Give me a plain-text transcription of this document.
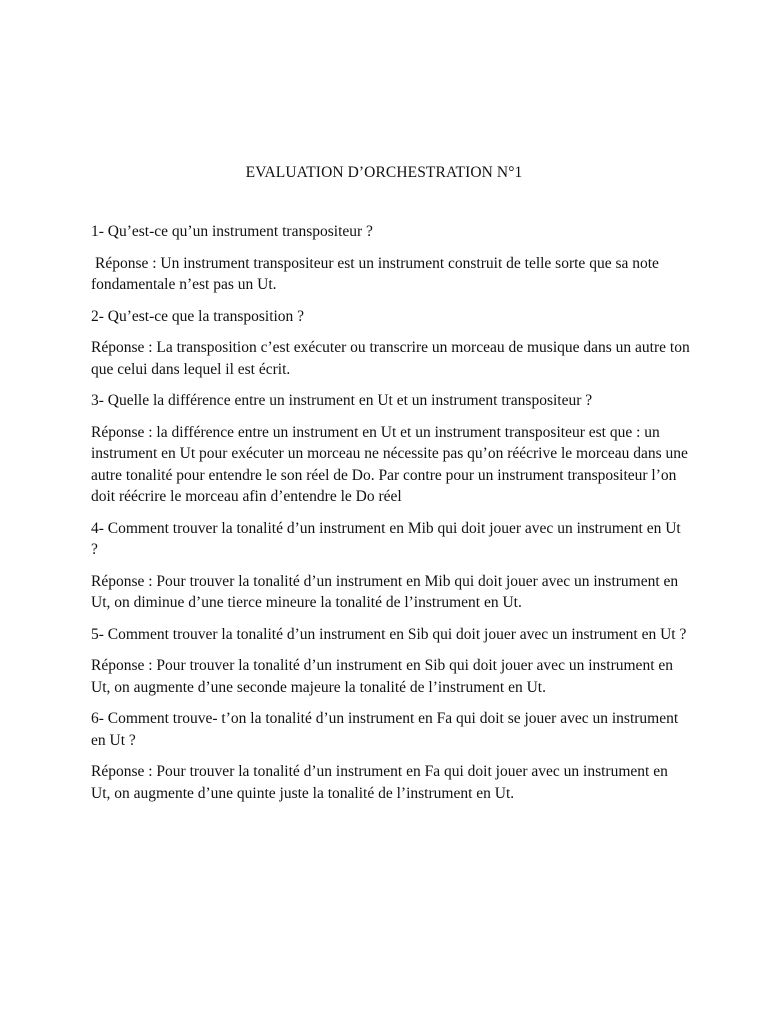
EVALUATION D’ORCHESTRATION N°1

1- Qu’est-ce qu’un instrument transpositeur ?

Réponse : Un instrument transpositeur est un instrument construit de telle sorte que sa note fondamentale n’est pas un Ut.

2- Qu’est-ce que la transposition ?

Réponse : La transposition c’est exécuter ou transcrire un morceau de musique dans un autre ton que celui dans lequel il est écrit.

3- Quelle la différence entre un instrument en Ut et un instrument transpositeur ?

Réponse : la différence entre un instrument en Ut et un instrument transpositeur est que : un instrument en Ut pour exécuter un morceau ne nécessite pas qu’on réécrive le morceau dans une autre tonalité pour entendre le son réel de Do. Par contre pour un instrument transpositeur l’on doit réécrire le morceau afin d’entendre le Do réel

4- Comment trouver la tonalité d’un instrument en Mib qui doit jouer avec un instrument en Ut ?

Réponse : Pour trouver la tonalité d’un instrument en Mib qui doit jouer avec un instrument en Ut, on diminue d’une tierce mineure la tonalité de l’instrument en Ut.

5- Comment trouver la tonalité d’un instrument en Sib qui doit jouer avec un instrument en Ut ?

Réponse : Pour trouver la tonalité d’un instrument en Sib qui doit jouer avec un instrument en Ut, on augmente d’une seconde majeure la tonalité de l’instrument en Ut.

6- Comment trouve- t’on la tonalité d’un instrument en Fa qui doit se jouer avec un instrument en Ut ?

Réponse : Pour trouver la tonalité d’un instrument en Fa qui doit jouer avec un instrument en Ut, on augmente d’une quinte juste la tonalité de l’instrument en Ut.
